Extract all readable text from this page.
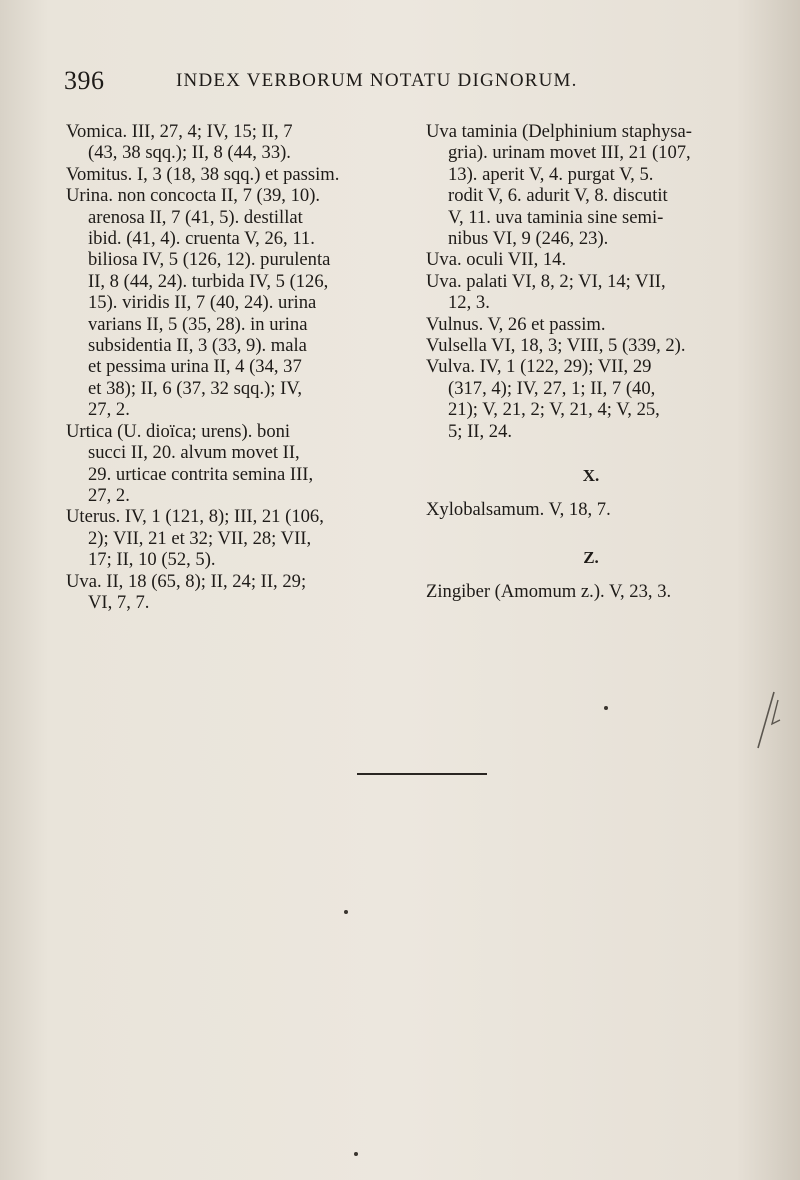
396	INDEX VERBORUM NOTATU DIGNORUM.

Vomica. III, 27, 4; IV, 15; II, 7
(43, 38 sqq.); II, 8 (44, 33).

Vomitus. I, 3 (18, 38 sqq.) et passim.

Urina. non concocta II, 7 (39, 10).
arenosa II, 7 (41, 5). destillat
ibid. (41, 4). cruenta V, 26, 11.
biliosa IV, 5 (126, 12). purulenta
II, 8 (44, 24). turbida IV, 5 (126,
15). viridis II, 7 (40, 24). urina
varians II, 5 (35, 28). in urina
subsidentia II, 3 (33, 9). mala
et pessima urina II, 4 (34, 37
et 38); II, 6 (37, 32 sqq.); IV,
27, 2.

Urtica (U. dioïca; urens). boni
succi II, 20. alvum movet II,
29. urticae contrita semina III,
27, 2.

Uterus. IV, 1 (121, 8); III, 21 (106,
2); VII, 21 et 32; VII, 28; VII,
17; II, 10 (52, 5).

Uva. II, 18 (65, 8); II, 24; II, 29;
VI, 7, 7.

Uva taminia (Delphinium staphysa-
gria). urinam movet III, 21 (107,
13). aperit V, 4. purgat V, 5.
rodit V, 6. adurit V, 8. discutit
V, 11. uva taminia sine semi-
nibus VI, 9 (246, 23).

Uva. oculi VII, 14.

Uva. palati VI, 8, 2; VI, 14; VII,
12, 3.

Vulnus. V, 26 et passim.

Vulsella VI, 18, 3; VIII, 5 (339, 2).

Vulva. IV, 1 (122, 29); VII, 29
(317, 4); IV, 27, 1; II, 7 (40,
21); V, 21, 2; V, 21, 4; V, 25,
5; II, 24.

X.

Xylobalsamum. V, 18, 7.

Z.

Zingiber (Amomum z.). V, 23, 3.
